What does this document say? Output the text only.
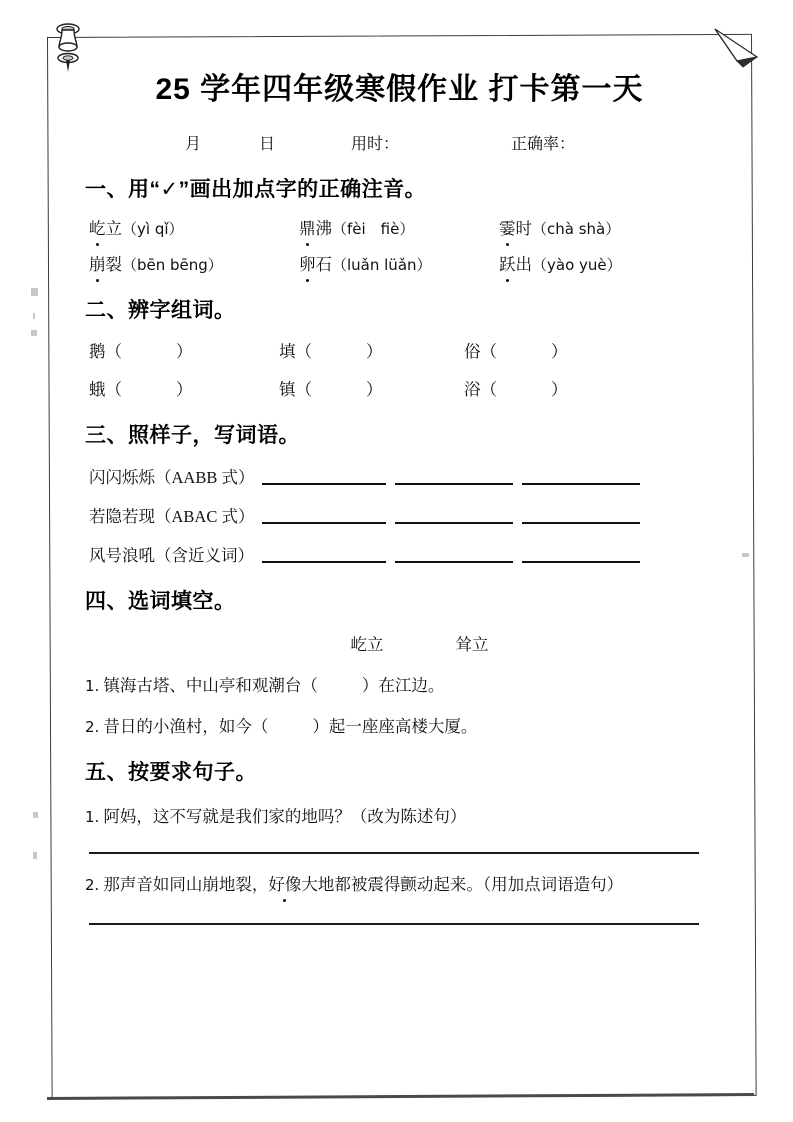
25 学年四年级寒假作业 打卡第一天
月	日	用时：	正确率：
一、用“✓”画出加点字的正确注音。
屹立（yì qǐ）	鼎沸（fèi　fiè）	霎时（chà shà）
崩裂（bēn bēng）	卵石（luǎn lüǎn）	跃出（yào yuè）
二、辨字组词。
鹅（	）	填（	）	俗（	）
蛾（	）	镇（	）	浴（	）
三、照样子，写词语。
闪闪烁烁（AABB 式）
若隐若现（ABAC 式）
风号浪吼（含近义词）
四、选词填空。
屹立	耸立
1. 镇海古塔、中山亭和观潮台（	）在江边。
2. 昔日的小渔村，如今（	）起一座座高楼大厦。
五、按要求句子。
1. 阿妈，这不写就是我们家的地吗？（改为陈述句）
2. 那声音如同山崩地裂，好像大地都被震得颤动起来。（用加点词语造句）
